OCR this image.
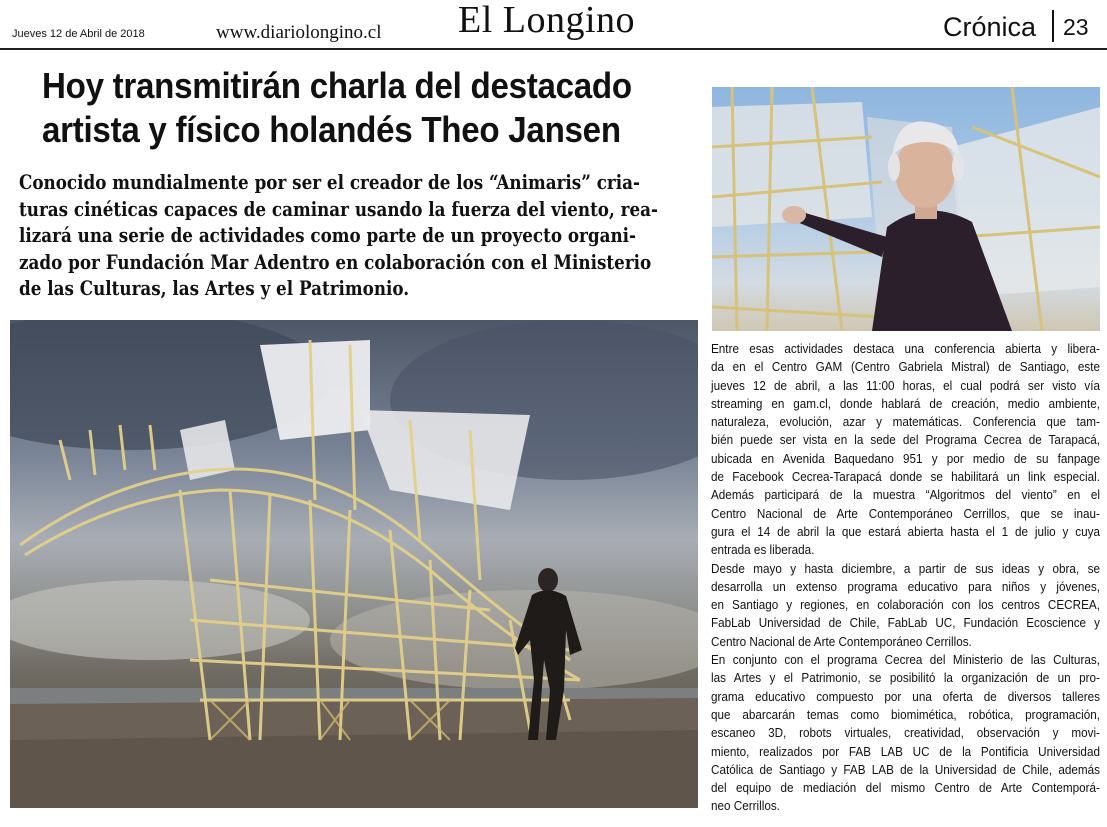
Jueves 12 de Abril de 2018	www.diariolongino.cl El Longino	Crónica 23
Hoy transmitirán charla del destacado
artista y físico holandés Theo Jansen
Conocido mundialmente por ser el creador de los “Animaris” cria-
turas cinéticas capaces de caminar usando la fuerza del viento, rea-
lizará una serie de actividades como parte de un proyecto organi-
zado por Fundación Mar Adentro en colaboración con el Ministerio
de las Culturas, las Artes y el Patrimonio.
Entre esas actividades destaca una conferencia abierta y libera-
da en el Centro GAM (Centro Gabriela Mistral) de Santiago, este
jueves 12 de abril, a las 11:00 horas, el cual podrá ser visto vía
streaming en gam.cl, donde hablará de creación, medio ambiente,
naturaleza, evolución, azar y matemáticas. Conferencia que tam-
bién puede ser vista en la sede del Programa Cecrea de Tarapacá,
ubicada en Avenida Baquedano 951 y por medio de su fanpage
de Facebook Cecrea-Tarapacá donde se habilitará un link especial.
Además participará de la muestra “Algoritmos del viento” en el
Centro Nacional de Arte Contemporáneo Cerrillos, que se inau-
gura el 14 de abril la que estará abierta hasta el 1 de julio y cuya
entrada es liberada.
Desde mayo y hasta diciembre, a partir de sus ideas y obra, se
desarrolla un extenso programa educativo para niños y jóvenes,
en Santiago y regiones, en colaboración con los centros CECREA,
FabLab Universidad de Chile, FabLab UC, Fundación Ecoscience y
Centro Nacional de Arte Contemporáneo Cerrillos.
En conjunto con el programa Cecrea del Ministerio de las Culturas,
las Artes y el Patrimonio, se posibilitó la organización de un pro-
grama educativo compuesto por una oferta de diversos talleres
que abarcarán temas como biomimética, robótica, programación,
escaneo 3D, robots virtuales, creatividad, observación y movi-
miento, realizados por FAB LAB UC de la Pontificia Universidad
Católica de Santiago y FAB LAB de la Universidad de Chile, además
del equipo de mediación del mismo Centro de Arte Contemporá-
neo Cerrillos.
